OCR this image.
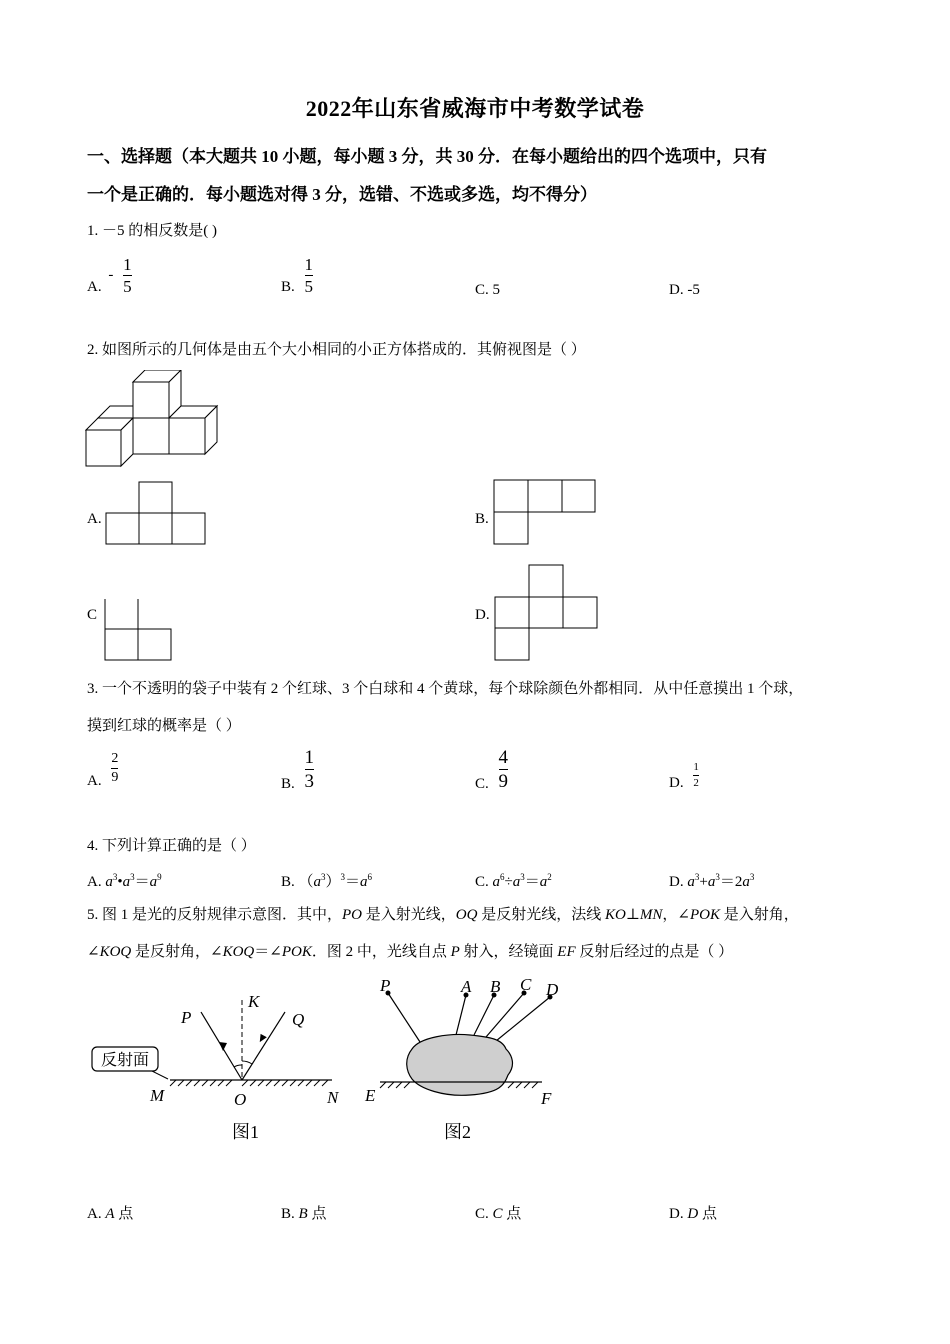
2022年山东省威海市中考数学试卷
一、选择题（本大题共 10 小题，每小题 3 分，共 30 分．在每小题给出的四个选项中，只有
一个是正确的．每小题选对得 3 分，选错、不选或多选，均不得分）
1. －5 的相反数是( )
A. - $\frac{1}{5}$	B. $\frac{1}{5}$	C. 5	D. -5
2. 如图所示的几何体是由五个大小相同的小正方体搭成的．其俯视图是（ ）
A.	B.
C	D.
3. 一个不透明的袋子中装有 2 个红球、3 个白球和 4 个黄球，每个球除颜色外都相同．从中任意摸出 1 个球，
摸到红球的概率是（ ）
A. $\frac{2}{9}$	B. $\frac{1}{3}$	C. $\frac{4}{9}$	D. $\frac{1}{2}$
4. 下列计算正确的是（ ）
A. $a^3•a^3=a^9$	B. $(a^3)^3=a^6$	C. $a^6\div a^3=a^2$	D. $a^3+a^3=2a^3$
5. 图 1 是光的反射规律示意图．其中，PO 是入射光线，OQ 是反射光线，法线 KO⊥MN，∠POK 是入射角，
∠KOQ 是反射角，∠KOQ＝∠POK．图 2 中，光线自点 P 射入，经镜面 EF 反射后经过的点是（ ）
反射面
P
K
Q
M	O	N
图1
P	A B C D
E	F
图2
A. A 点	B. B 点	C. C 点	D. D 点
